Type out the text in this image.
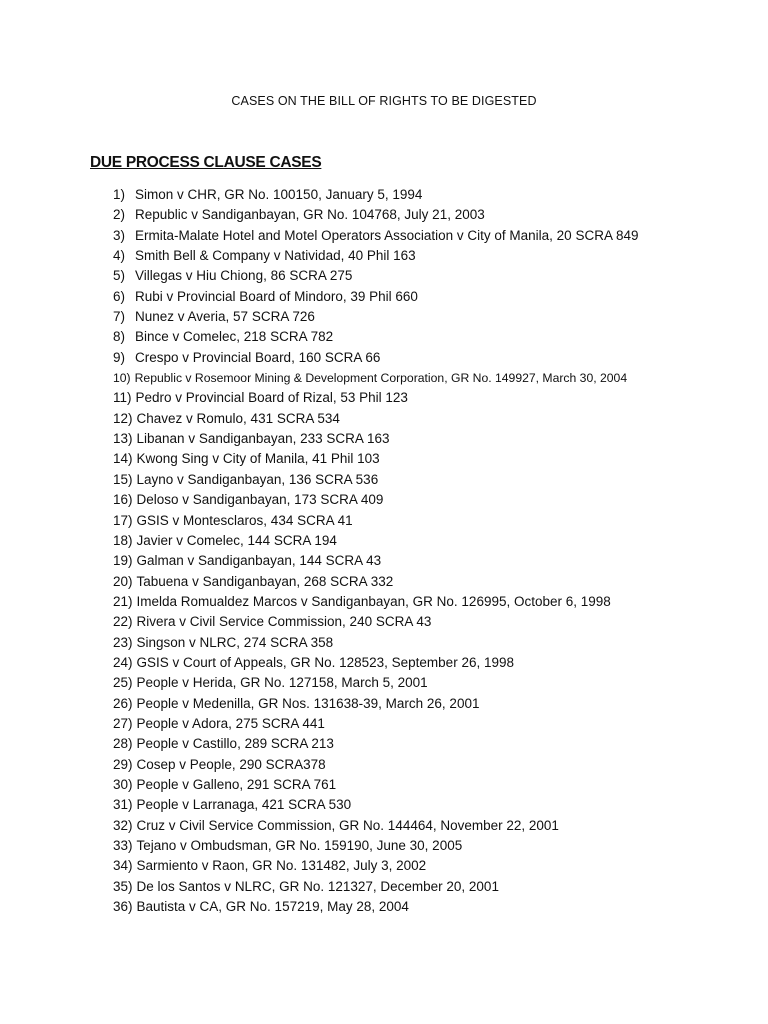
CASES ON THE BILL OF RIGHTS TO BE DIGESTED
DUE PROCESS CLAUSE CASES
1) Simon v CHR, GR No. 100150, January 5, 1994
2) Republic v Sandiganbayan, GR No. 104768, July 21, 2003
3) Ermita-Malate Hotel and Motel Operators Association v City of Manila, 20 SCRA 849
4) Smith Bell & Company v Natividad, 40 Phil 163
5) Villegas v Hiu Chiong, 86 SCRA 275
6) Rubi v Provincial Board of Mindoro, 39 Phil 660
7) Nunez v Averia, 57 SCRA 726
8) Bince v Comelec, 218 SCRA 782
9) Crespo v Provincial Board, 160 SCRA 66
10) Republic v Rosemoor Mining & Development Corporation, GR No. 149927, March 30, 2004
11) Pedro v Provincial Board of Rizal, 53 Phil 123
12) Chavez v Romulo, 431 SCRA 534
13) Libanan v Sandiganbayan, 233 SCRA 163
14) Kwong Sing v City of Manila, 41 Phil 103
15) Layno v Sandiganbayan, 136 SCRA 536
16) Deloso v Sandiganbayan, 173 SCRA 409
17) GSIS v Montesclaros, 434 SCRA 41
18) Javier v Comelec, 144 SCRA 194
19) Galman v Sandiganbayan, 144 SCRA 43
20) Tabuena v Sandiganbayan, 268 SCRA 332
21) Imelda Romualdez Marcos v Sandiganbayan, GR No. 126995, October 6, 1998
22) Rivera v Civil Service Commission, 240 SCRA 43
23) Singson v NLRC, 274 SCRA 358
24) GSIS v Court of Appeals, GR No. 128523, September 26, 1998
25) People v Herida, GR No. 127158, March 5, 2001
26) People v Medenilla, GR Nos. 131638-39, March 26, 2001
27) People v Adora, 275 SCRA 441
28) People v Castillo, 289 SCRA 213
29) Cosep v People, 290 SCRA378
30) People v Galleno, 291 SCRA 761
31) People v Larranaga, 421 SCRA 530
32) Cruz v Civil Service Commission, GR No. 144464, November 22, 2001
33) Tejano v Ombudsman, GR No. 159190, June 30, 2005
34) Sarmiento v Raon, GR No. 131482, July 3, 2002
35) De los Santos v NLRC, GR No. 121327, December 20, 2001
36) Bautista v CA, GR No. 157219, May 28, 2004
